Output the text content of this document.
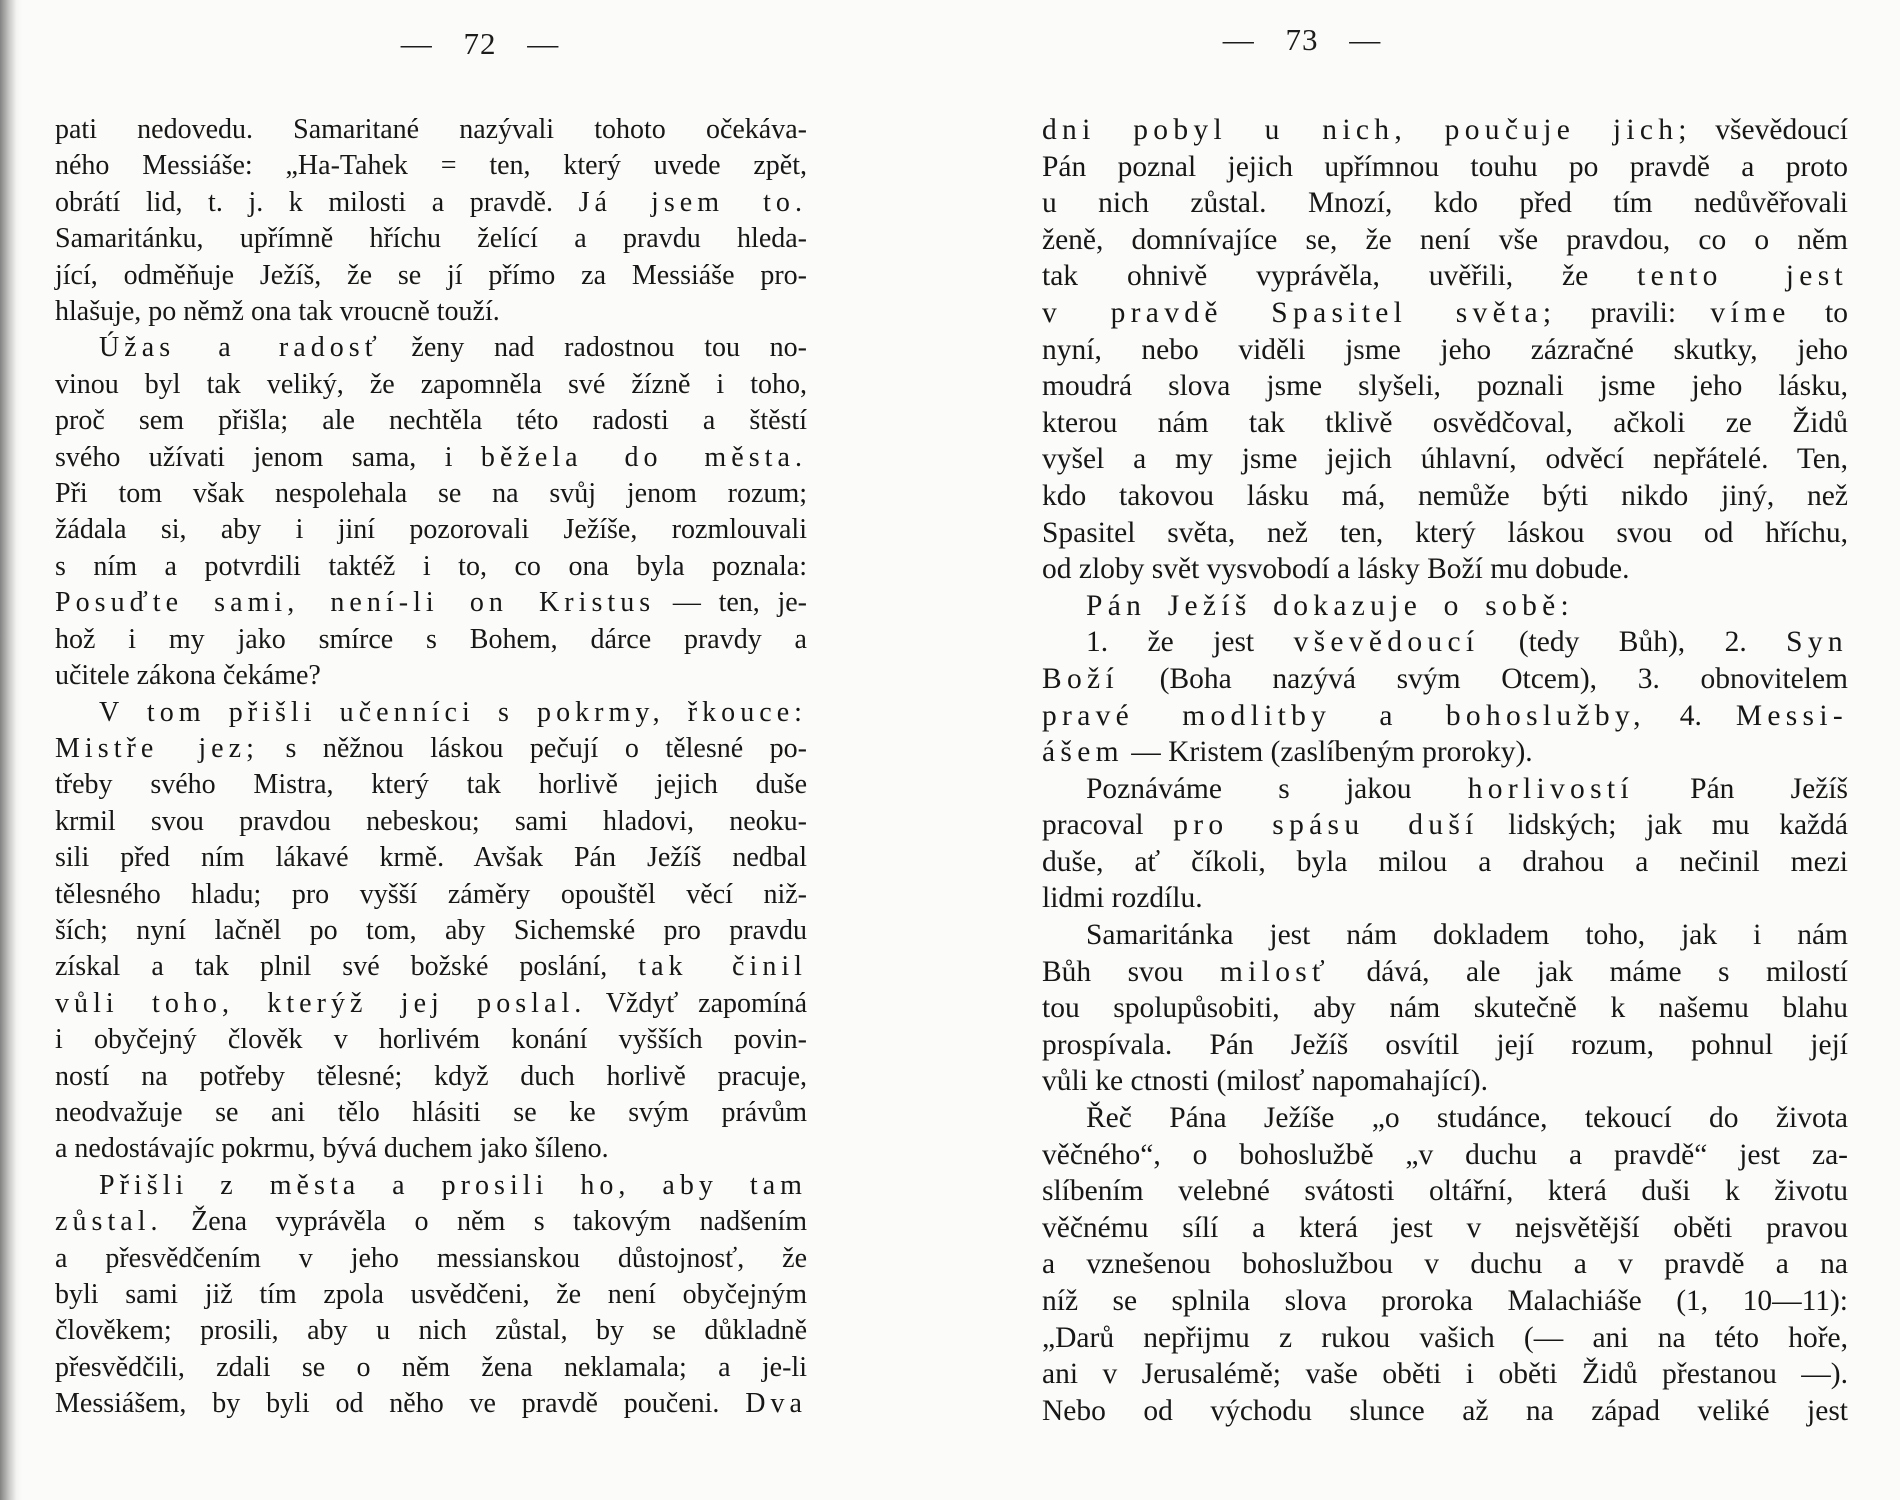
— 72 —	— 73 —
pati nedovedu. Samaritané nazývali tohoto očekáva-
ného Messiáše: „Ha-Tahek = ten, který uvede zpět,
obrátí lid, t. j. k milosti a pravdě. Já jsem to.
Samaritánku, upřímně hříchu želící a pravdu hleda-
jící, odměňuje Ježíš, že se jí přímo za Messiáše pro-
hlašuje, po němž ona tak vroucně touží.
Úžas a radosť ženy nad radostnou tou no-
vinou byl tak veliký, že zapomněla své žízně i toho,
proč sem přišla; ale nechtěla této radosti a štěstí
svého užívati jenom sama, i běžela do města.
Při tom však nespolehala se na svůj jenom rozum;
žádala si, aby i jiní pozorovali Ježíše, rozmlouvali
s ním a potvrdili taktéž i to, co ona byla poznala:
Posuďte sami, není-li on Kristus — ten, je-
hož i my jako smírce s Bohem, dárce pravdy a
učitele zákona čekáme?
V tom přišli učenníci s pokrmy, řkouce:
Mistře jez; s něžnou láskou pečují o tělesné po-
třeby svého Mistra, který tak horlivě jejich duše
krmil svou pravdou nebeskou; sami hladovi, neoku-
sili před ním lákavé krmě. Avšak Pán Ježíš nedbal
tělesného hladu; pro vyšší záměry opouštěl věcí niž-
ších; nyní lačněl po tom, aby Sichemské pro pravdu
získal a tak plnil své božské poslání, tak činil
vůli toho, kterýž jej poslal. Vždyť zapomíná
i obyčejný člověk v horlivém konání vyšších povin-
ností na potřeby tělesné; když duch horlivě pracuje,
neodvažuje se ani tělo hlásiti se ke svým právům
a nedostávajíc pokrmu, bývá duchem jako šíleno.
Přišli z města a prosili ho, aby tam
zůstal. Žena vyprávěla o něm s takovým nadšením
a přesvědčením v jeho messianskou důstojnosť, že
byli sami již tím zpola usvědčeni, že není obyčejným
člověkem; prosili, aby u nich zůstal, by se důkladně
přesvědčili, zdali se o něm žena neklamala; a je-li
Messiášem, by byli od něho ve pravdě poučeni. Dva
dni pobyl u nich, poučuje jich; vševědoucí
Pán poznal jejich upřímnou touhu po pravdě a proto
u nich zůstal. Mnozí, kdo před tím nedůvěřovali
ženě, domnívajíce se, že není vše pravdou, co o něm
tak ohnivě vyprávěla, uvěřili, že tento jest
v pravdě Spasitel světa; pravili: víme to
nyní, nebo viděli jsme jeho zázračné skutky, jeho
moudrá slova jsme slyšeli, poznali jsme jeho lásku,
kterou nám tak tklivě osvědčoval, ačkoli ze Židů
vyšel a my jsme jejich úhlavní, odvěcí nepřátelé. Ten,
kdo takovou lásku má, nemůže býti nikdo jiný, než
Spasitel světa, než ten, který láskou svou od hříchu,
od zloby svět vysvobodí a lásky Boží mu dobude.
Pán Ježíš dokazuje o sobě:
1. že jest vševědoucí (tedy Bůh), 2. Syn
Boží (Boha nazývá svým Otcem), 3. obnovitelem
pravé modlitby a bohoslužby, 4. Messi-
ášem — Kristem (zaslíbeným proroky).
Poznáváme s jakou horlivostí Pán Ježíš
pracoval pro spásu duší lidských; jak mu každá
duše, ať číkoli, byla milou a drahou a nečinil mezi
lidmi rozdílu.
Samaritánka jest nám dokladem toho, jak i nám
Bůh svou milosť dává, ale jak máme s milostí
tou spolupůsobiti, aby nám skutečně k našemu blahu
prospívala. Pán Ježíš osvítil její rozum, pohnul její
vůli ke ctnosti (milosť napomahající).
Řeč Pána Ježíše „o studánce, tekoucí do života
věčného“, o bohoslužbě „v duchu a pravdě“ jest za-
slíbením velebné svátosti oltářní, která duši k životu
věčnému sílí a která jest v nejsvětější oběti pravou
a vznešenou bohoslužbou v duchu a v pravdě a na
níž se splnila slova proroka Malachiáše (1, 10—11):
„Darů nepřijmu z rukou vašich (— ani na této hoře,
ani v Jerusalémě; vaše oběti i oběti Židů přestanou —).
Nebo od východu slunce až na západ veliké jest
